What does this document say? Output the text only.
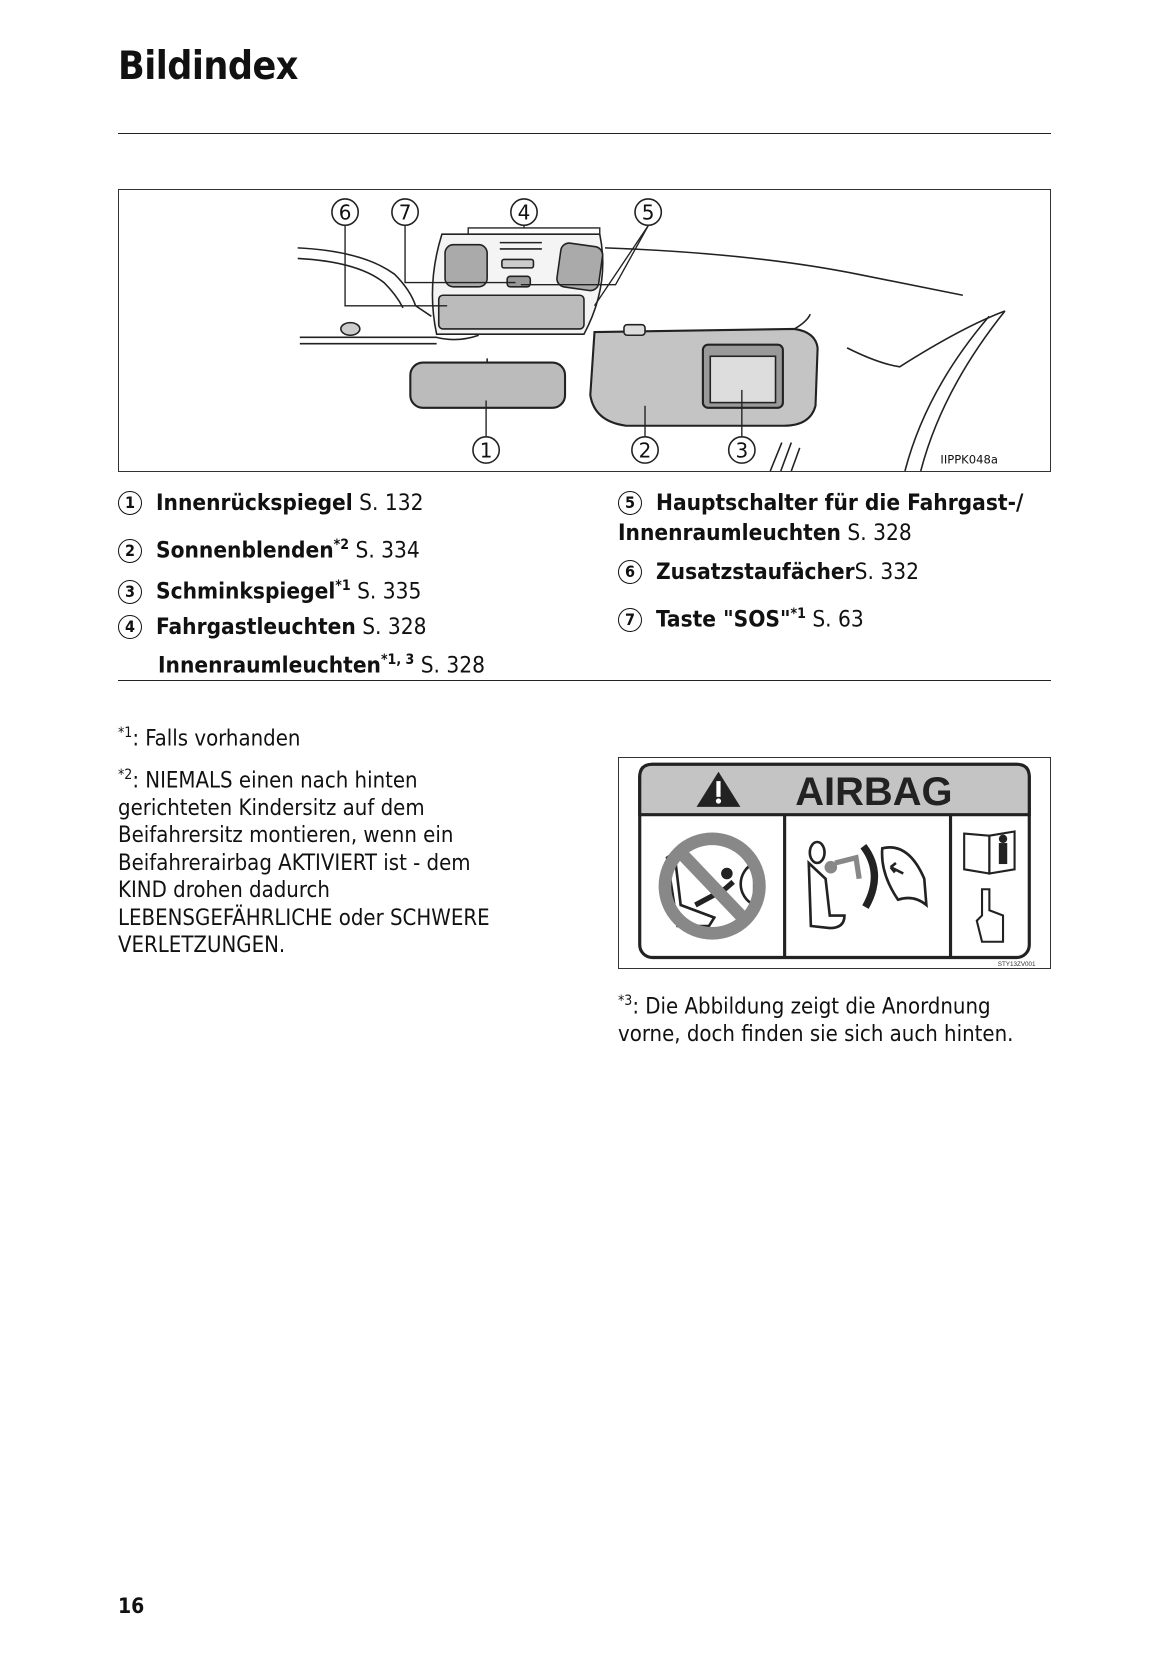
Bildindex
6 7	4	5
1	2	3	IIPPK048a
1 Innenrückspiegel S. 132
2 Sonnenblenden$^{*2}$ S. 334
3 Schminkspiegel$^{*1}$ S. 335
4 Fahrgastleuchten S. 328
Innenraumleuchten$^{*1, 3}$ S. 328
5 Hauptschalter für die Fahrgast-/
Innenraumleuchten S. 328
6 ZusatzstaufächerS. 332
7 Taste "SOS"$^{*1}$ S. 63
$^{*1}$: Falls vorhanden
$^{*2}$: NIEMALS einen nach hinten
gerichteten Kindersitz auf dem
Beifahrersitz montieren, wenn ein
Beifahrerairbag AKTIVIERT ist - dem
KIND drohen dadurch
LEBENSGEFÄHRLICHE oder SCHWERE
VERLETZUNGEN.
AIRBAG
STY13ZV001
$^{*3}$: Die Abbildung zeigt die Anordnung
vorne, doch finden sie sich auch hinten.
16
